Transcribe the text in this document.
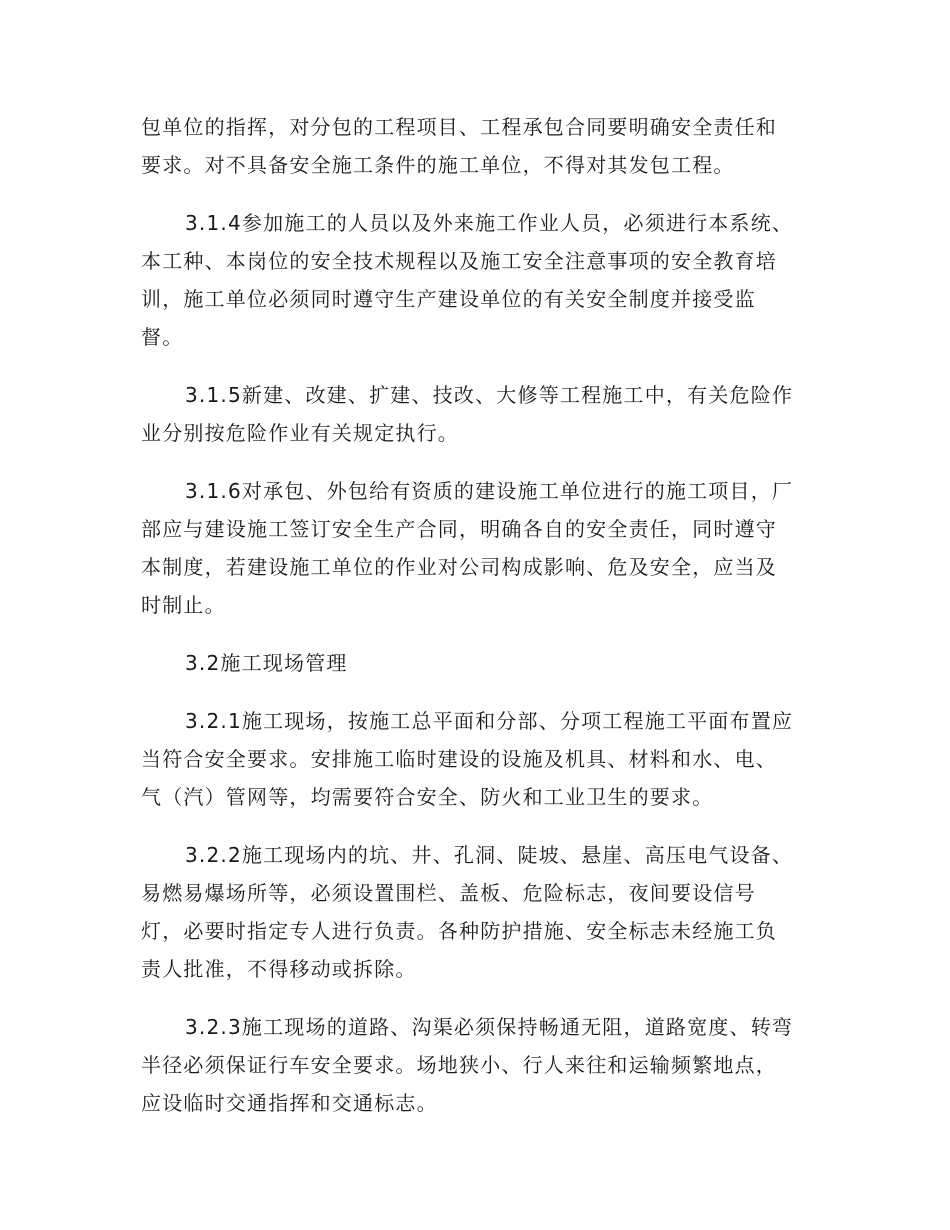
包单位的指挥，对分包的工程项目、工程承包合同要明确安全责任和
要求。对不具备安全施工条件的施工单位，不得对其发包工程。

3.1.4参加施工的人员以及外来施工作业人员，必须进行本系统、
本工种、本岗位的安全技术规程以及施工安全注意事项的安全教育培
训，施工单位必须同时遵守生产建设单位的有关安全制度并接受监
督。

3.1.5新建、改建、扩建、技改、大修等工程施工中，有关危险作
业分别按危险作业有关规定执行。

3.1.6对承包、外包给有资质的建设施工单位进行的施工项目，厂
部应与建设施工签订安全生产合同，明确各自的安全责任，同时遵守
本制度，若建设施工单位的作业对公司构成影响、危及安全，应当及
时制止。

3.2施工现场管理

3.2.1施工现场，按施工总平面和分部、分项工程施工平面布置应
当符合安全要求。安排施工临时建设的设施及机具、材料和水、电、
气（汽）管网等，均需要符合安全、防火和工业卫生的要求。

3.2.2施工现场内的坑、井、孔洞、陡坡、悬崖、高压电气设备、
易燃易爆场所等，必须设置围栏、盖板、危险标志，夜间要设信号
灯，必要时指定专人进行负责。各种防护措施、安全标志未经施工负
责人批准，不得移动或拆除。

3.2.3施工现场的道路、沟渠必须保持畅通无阻，道路宽度、转弯
半径必须保证行车安全要求。场地狭小、行人来往和运输频繁地点，
应设临时交通指挥和交通标志。
